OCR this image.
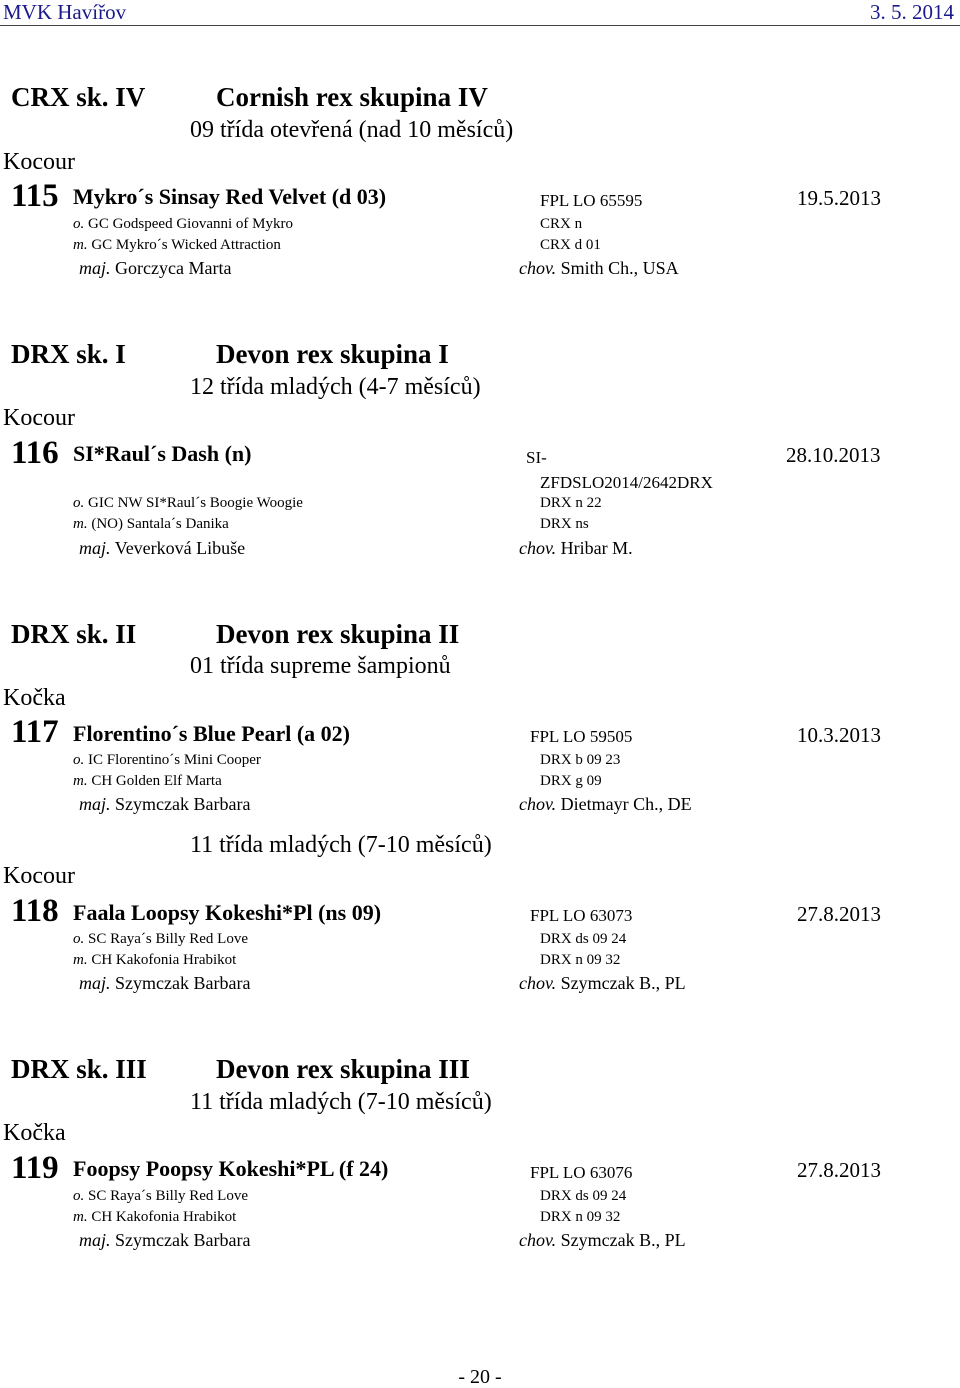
MVK Havířov	3. 5. 2014
CRX sk. IV	Cornish rex skupina IV
09 třída otevřená (nad 10 měsíců)
Kocour
115 Mykro´s Sinsay Red Velvet (d 03)	FPL LO 65595	19.5.2013
o. GC Godspeed Giovanni of Mykro	CRX n
m. GC Mykro´s Wicked Attraction	CRX d 01
maj. Gorczyca Marta	chov. Smith Ch., USA
DRX sk. I	Devon rex skupina I
12 třída mladých (4-7 měsíců)
Kocour
116 SI*Raul´s Dash (n)	SI-	28.10.2013
ZFDSLO2014/2642DRX
o. GIC NW SI*Raul´s Boogie Woogie	DRX n 22
m. (NO) Santala´s Danika	DRX ns
maj. Veverková Libuše	chov. Hribar M.
DRX sk. II	Devon rex skupina II
01 třída supreme šampionů
Kočka
117 Florentino´s Blue Pearl (a 02)	FPL LO 59505	10.3.2013
o. IC Florentino´s Mini Cooper	DRX b 09 23
m. CH Golden Elf Marta	DRX g 09
maj. Szymczak Barbara	chov. Dietmayr Ch., DE
11 třída mladých (7-10 měsíců)
Kocour
118 Faala Loopsy Kokeshi*Pl (ns 09)	FPL LO 63073	27.8.2013
o. SC Raya´s Billy Red Love	DRX ds 09 24
m. CH Kakofonia Hrabikot	DRX n 09 32
maj. Szymczak Barbara	chov. Szymczak B., PL
DRX sk. III	Devon rex skupina III
11 třída mladých (7-10 měsíců)
Kočka
119 Foopsy Poopsy Kokeshi*PL (f 24)	FPL LO 63076	27.8.2013
o. SC Raya´s Billy Red Love	DRX ds 09 24
m. CH Kakofonia Hrabikot	DRX n 09 32
maj. Szymczak Barbara	chov. Szymczak B., PL
- 20 -
